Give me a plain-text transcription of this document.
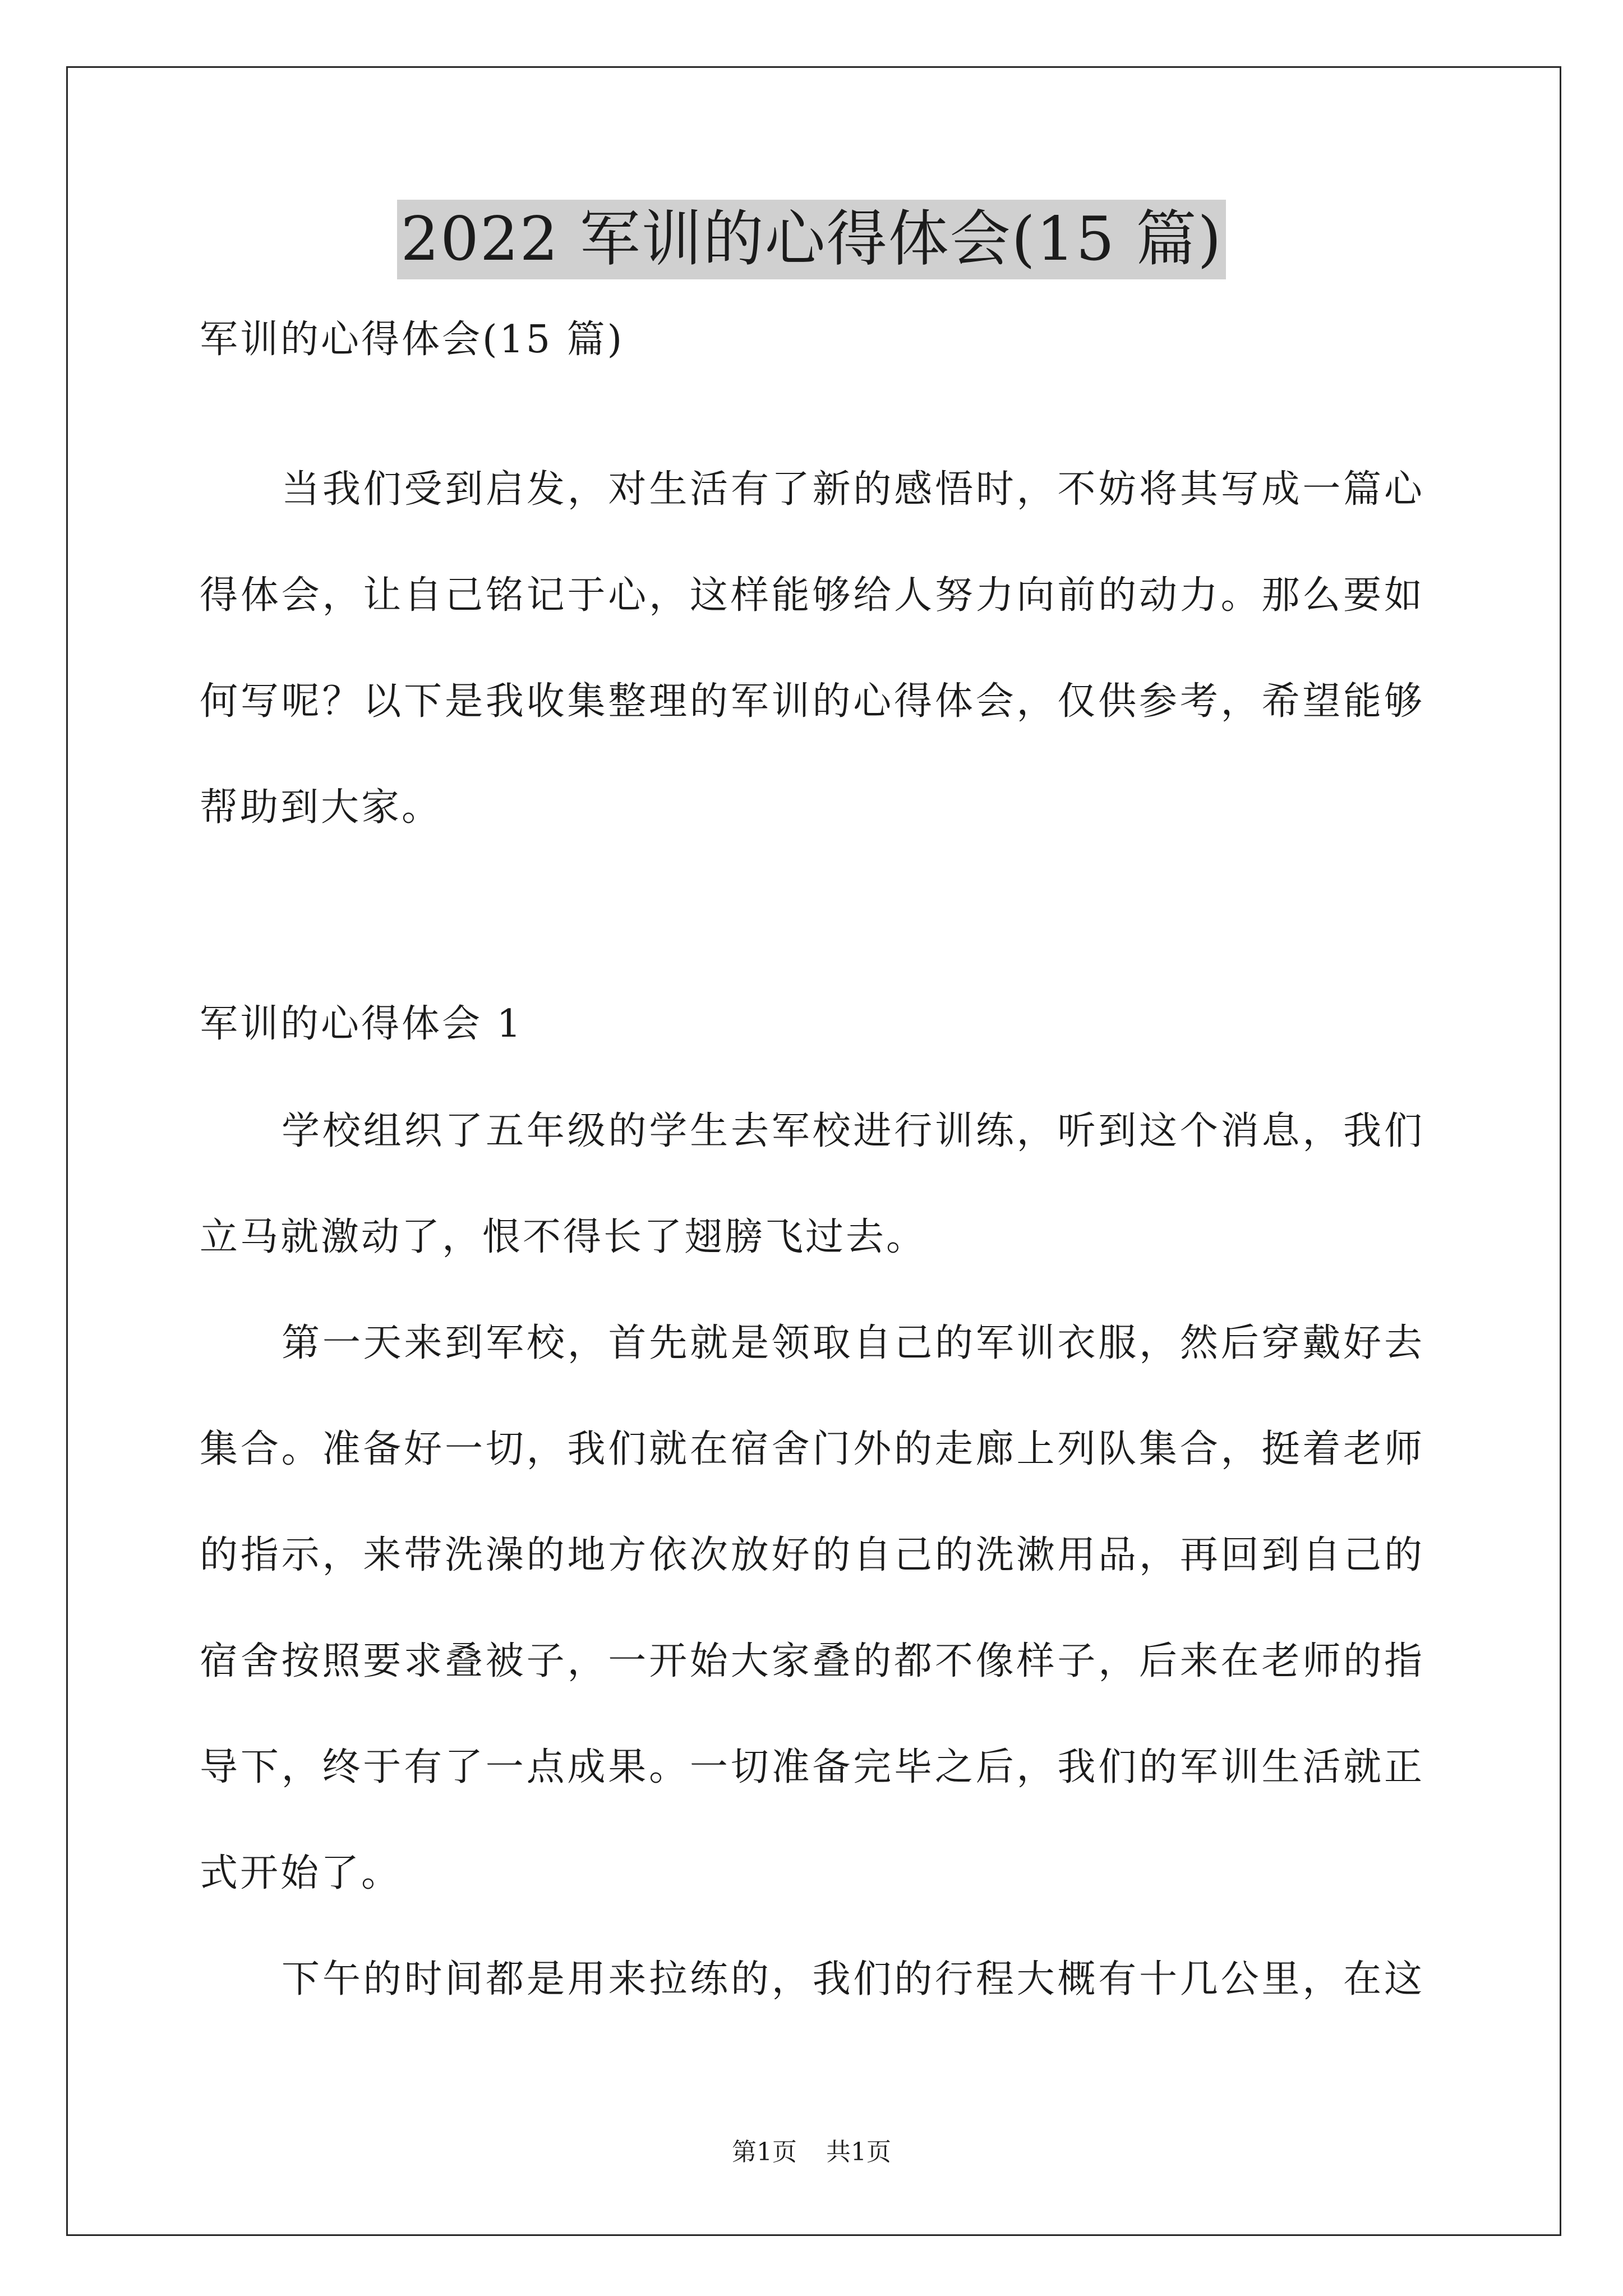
2022 军训的心得体会(15 篇)
军训的心得体会(15 篇)
当我们受到启发，对生活有了新的感悟时，不妨将其写成一篇心
得体会，让自己铭记于心，这样能够给人努力向前的动力。那么要如
何写呢？以下是我收集整理的军训的心得体会，仅供参考，希望能够
帮助到大家。
军训的心得体会 1
学校组织了五年级的学生去军校进行训练，听到这个消息，我们
立马就激动了，恨不得长了翅膀飞过去。
第一天来到军校，首先就是领取自己的军训衣服，然后穿戴好去
集合。准备好一切，我们就在宿舍门外的走廊上列队集合，挺着老师
的指示，来带洗澡的地方依次放好的自己的洗漱用品，再回到自己的
宿舍按照要求叠被子，一开始大家叠的都不像样子，后来在老师的指
导下，终于有了一点成果。一切准备完毕之后，我们的军训生活就正
式开始了。
下午的时间都是用来拉练的，我们的行程大概有十几公里，在这
第1页 共1页
